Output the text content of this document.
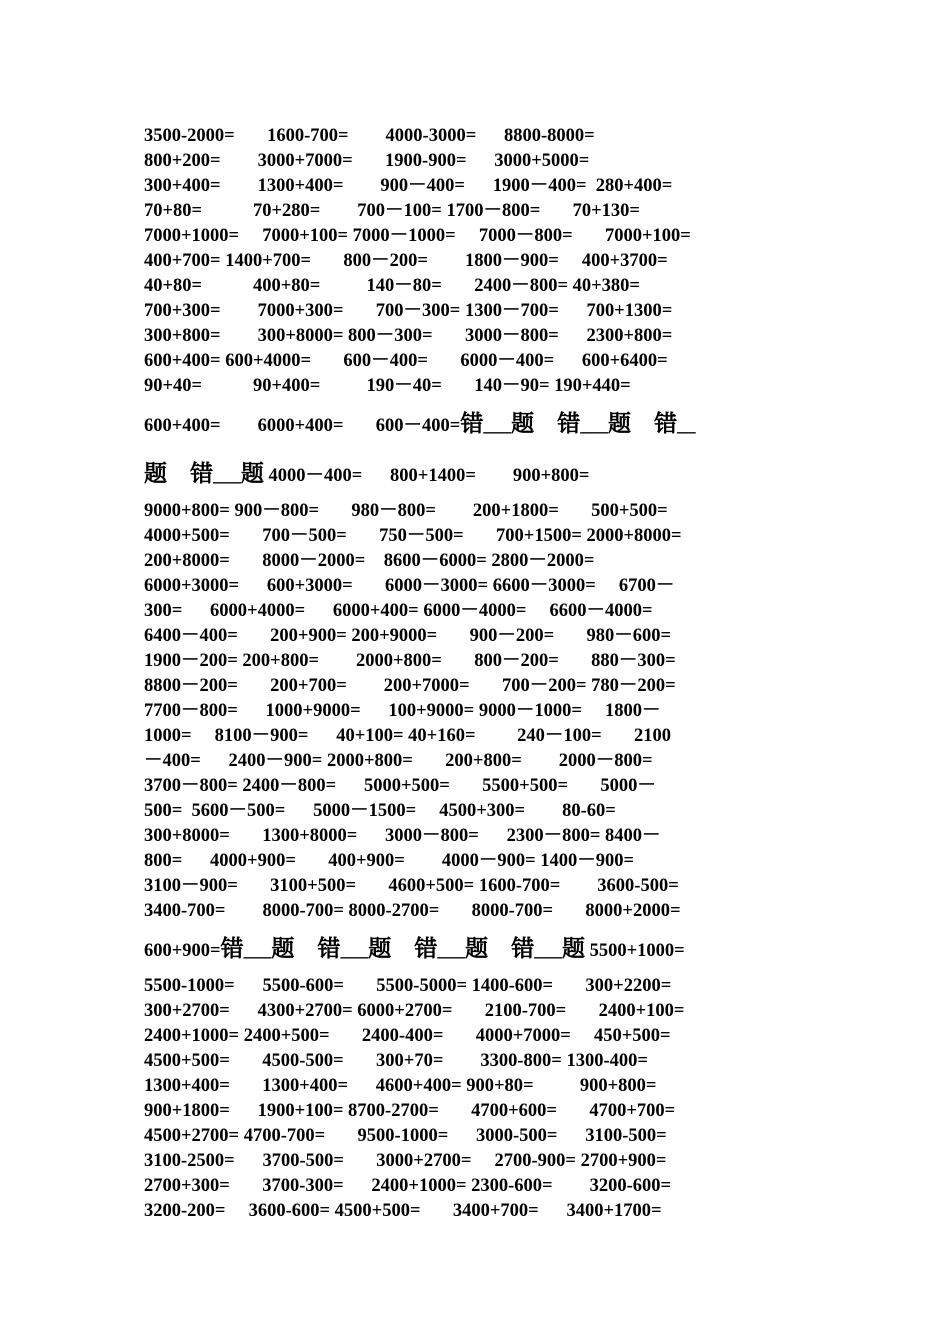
3500-2000=       1600-700=        4000-3000=      8800-8000=
800+200=        3000+7000=       1900-900=      3000+5000=
300+400=        1300+400=        900－400=      1900－400=  280+400=
70+80=           70+280=        700－100= 1700－800=       70+130=
7000+1000=     7000+100= 7000－1000=     7000－800=       7000+100=
400+700= 1400+700=       800－200=        1800－900=     400+3700=
40+80=           400+80=          140－80=       2400－800= 40+380=
700+300=        7000+300=       700－300= 1300－700=      700+1300=
300+800=        300+8000= 800－300=       3000－800=      2300+800=
600+400= 600+4000=       600－400=       6000－400=      600+6400=
90+40=           90+400=          190－40=       140－90= 190+440=
600+400=        6000+400=       600－400=错___题 错___题 错__
题 错___题 4000－400=      800+1400=        900+800=
9000+800= 900－800=       980－800=        200+1800=       500+500=
4000+500=       700－500=       750－500=       700+1500= 2000+8000=
200+8000=       8000－2000=    8600－6000= 2800－2000=
6000+3000=      600+3000=       6000－3000= 6600－3000=     6700－
300=      6000+4000=      6000+400= 6000－4000=     6600－4000=
6400－400=       200+900= 200+9000=       900－200=       980－600=
1900－200= 200+800=        2000+800=       800－200=       880－300=
8800－200=       200+700=        200+7000=       700－200= 780－200=
7700－800=      1000+9000=      100+9000= 9000－1000=     1800－
1000=     8100－900=      40+100= 40+160=         240－100=       2100
－400=      2400－900= 2000+800=       200+800=        2000－800=
3700－800= 2400－800=      5000+500=       5500+500=       5000－
500=  5600－500=      5000－1500=     4500+300=        80-60=
300+8000=       1300+8000=      3000－800=      2300－800= 8400－
800=      4000+900=       400+900=        4000－900= 1400－900=
3100－900=       3100+500=       4600+500= 1600-700=        3600-500=
3400-700=        8000-700= 8000-2700=       8000-700=       8000+2000=
600+900=错___题 错___题 错___题 错___题 5500+1000=
5500-1000=      5500-600=       5500-5000= 1400-600=       300+2200=
300+2700=      4300+2700= 6000+2700=       2100-700=       2400+100=
2400+1000= 2400+500=       2400-400=       4000+7000=     450+500=
4500+500=       4500-500=       300+70=        3300-800= 1300-400=
1300+400=       1300+400=      4600+400= 900+80=          900+800=
900+1800=      1900+100= 8700-2700=       4700+600=       4700+700=
4500+2700= 4700-700=       9500-1000=      3000-500=      3100-500=
3100-2500=      3700-500=       3000+2700=     2700-900= 2700+900=
2700+300=       3700-300=      2400+1000= 2300-600=        3200-600=
3200-200=     3600-600= 4500+500=       3400+700=      3400+1700=
